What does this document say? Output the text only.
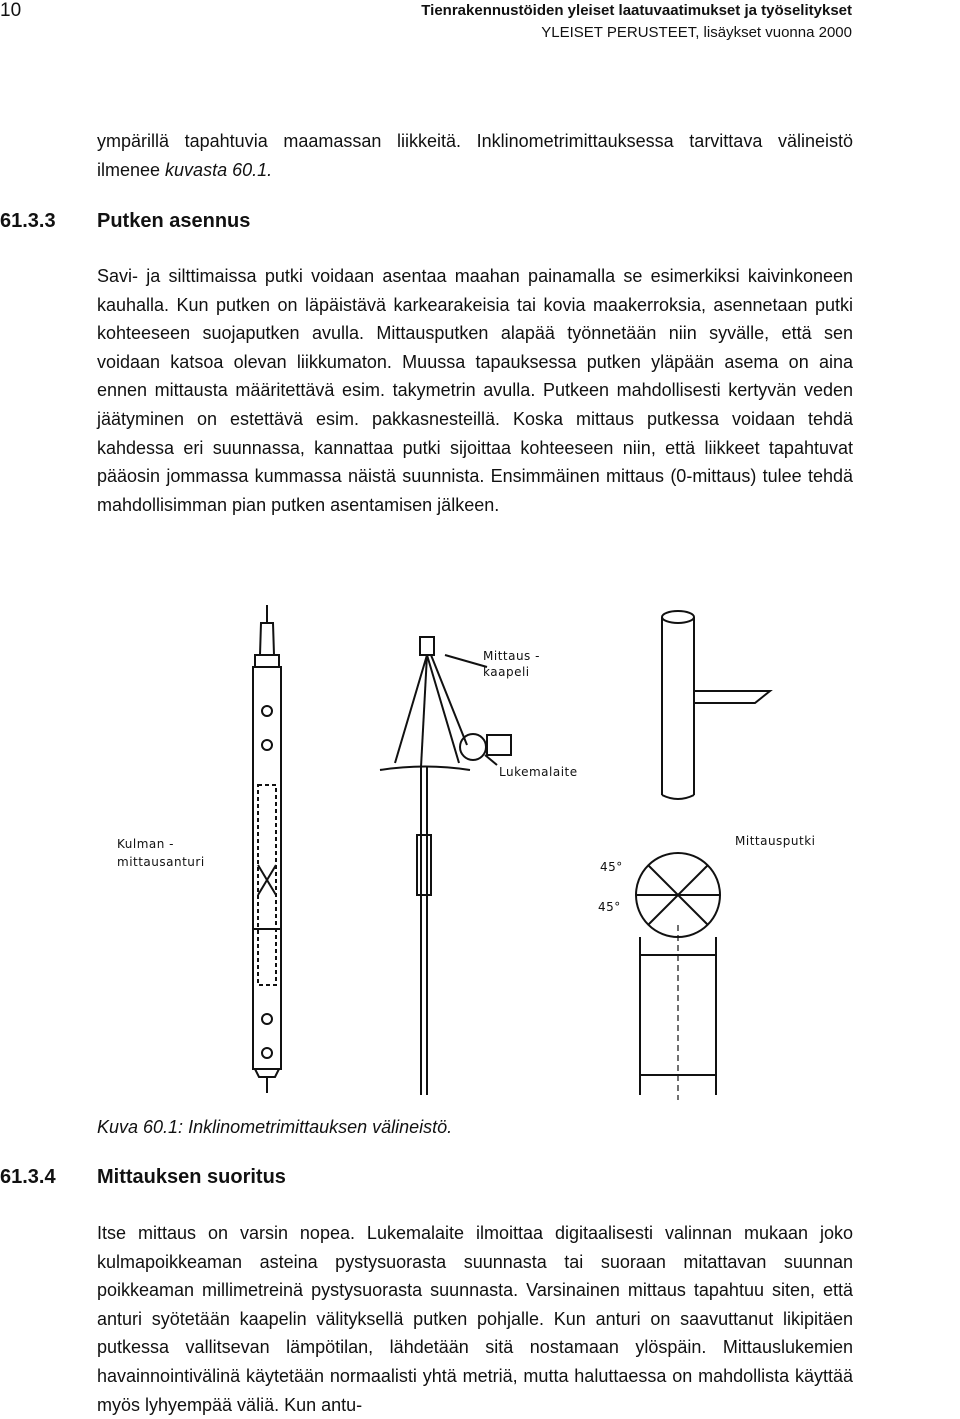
10	Tienrakennustöiden yleiset laatuvaatimukset ja työselitykset
YLEISET PERUSTEET, lisäykset vuonna 2000

ympärillä tapahtuvia maamassan liikkeitä. Inklinometrimittauksessa tarvittava välineistö ilmenee kuvasta 60.1.

61.3.3 Putken asennus

Savi- ja silttimaissa putki voidaan asentaa maahan painamalla se esimerkiksi kaivinkoneen kauhalla. Kun putken on läpäistävä karkearakeisia tai kovia maakerroksia, asennetaan putki kohteeseen suojaputken avulla. Mittausputken alapää työnnetään niin syvälle, että sen voidaan katsoa olevan liikkumaton. Muussa tapauksessa putken yläpään asema on aina ennen mittausta määritettävä esim. takymetrin avulla. Putkeen mahdollisesti kertyvän veden jäätyminen on estettävä esim. pakkasnesteillä. Koska mittaus putkessa voidaan tehdä kahdessa eri suunnassa, kannattaa putki sijoittaa kohteeseen niin, että liikkeet tapahtuvat pääosin jommassa kummassa näistä suunnista. Ensimmäinen mittaus (0-mittaus) tulee tehdä mahdollisimman pian putken asentamisen jälkeen.

Mittaus -
kaapeli
Lukemalaite
Kulman -
mittausanturi
Mittausputki
45°
45°
Kuva 60.1: Inklinometrimittauksen välineistö.
61.3.4 Mittauksen suoritus

Itse mittaus on varsin nopea. Lukemalaite ilmoittaa digitaalisesti valinnan mukaan joko kulmapoikkeaman asteina pystysuorasta suunnasta tai suoraan mitattavan suunnan poikkeaman millimetreinä pystysuorasta suunnasta. Varsinainen mittaus tapahtuu siten, että anturi syötetään kaapelin välityksellä putken pohjalle. Kun anturi on saavuttanut likipitäen putkessa vallitsevan lämpötilan, lähdetään sitä nostamaan ylöspäin. Mittauslukemien havainnointivälinä käytetään normaalisti yhtä metriä, mutta haluttaessa on mahdollista käyttää myös lyhyempää väliä. Kun antu-
